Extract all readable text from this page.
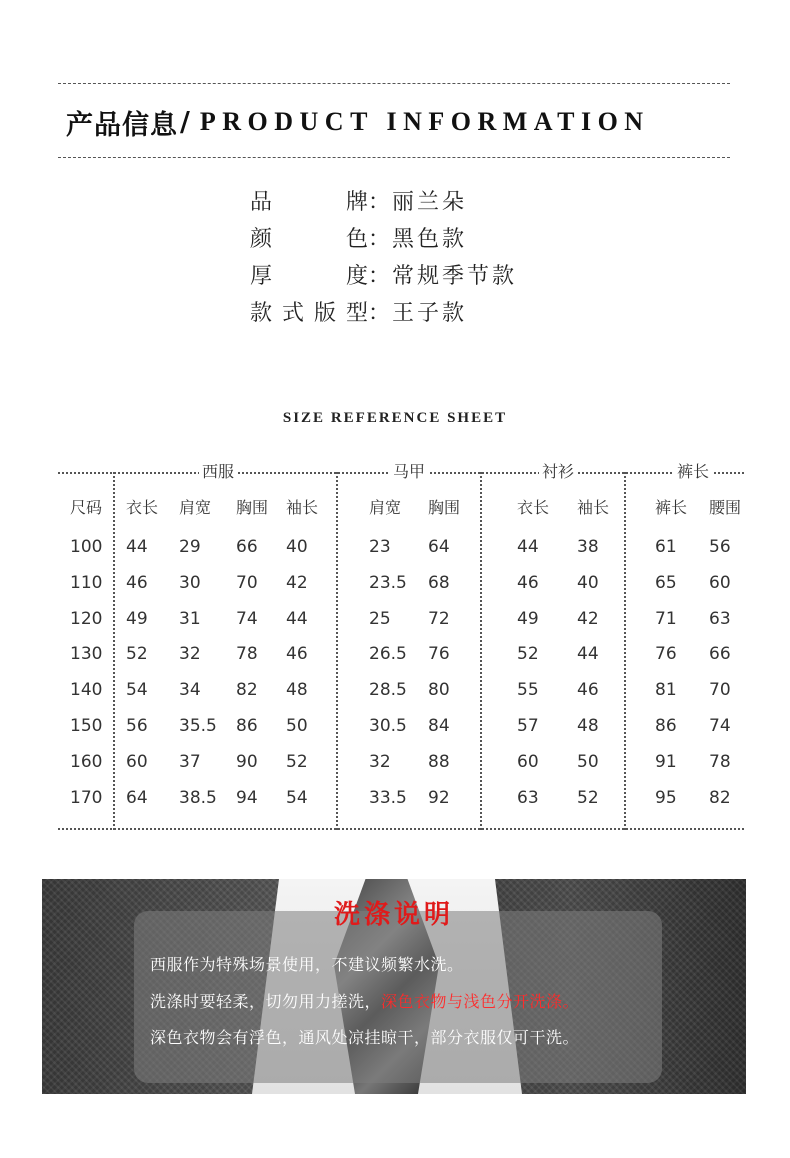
产品信息 / PRODUCT INFORMATION
品	牌 ： 丽兰朵
颜	色 ： 黑色款
厚	度 ： 常规季节款
款 式 版 型 ： 王子款
SIZE REFERENCE SHEET
西服	马甲	衬衫	裤长
尺码 衣长 肩宽 胸围 袖长	肩宽 胸围	衣长 袖长	裤长 腰围
100 44 29 66 40	23 64	44 38	61 56
110 46 30 70 42	23.5 68	46 40	65 60
120 49 31 74 44	25 72	49 42	71 63
130 52 32 78 46	26.5 76	52 44	76 66
140 54 34 82 48	28.5 80	55 46	81 70
150 56 35.5 86 50	30.5 84	57 48	86 74
160 60 37 90 52	32 88	60 50	91 78
170 64 38.5 94 54	33.5 92	63 52	95 82
洗涤说明
西服作为特殊场景使用，不建议频繁水洗。
洗涤时要轻柔，切勿用力搓洗，深色衣物与浅色分开洗涤。
深色衣物会有浮色，通风处凉挂晾干，部分衣服仅可干洗。
